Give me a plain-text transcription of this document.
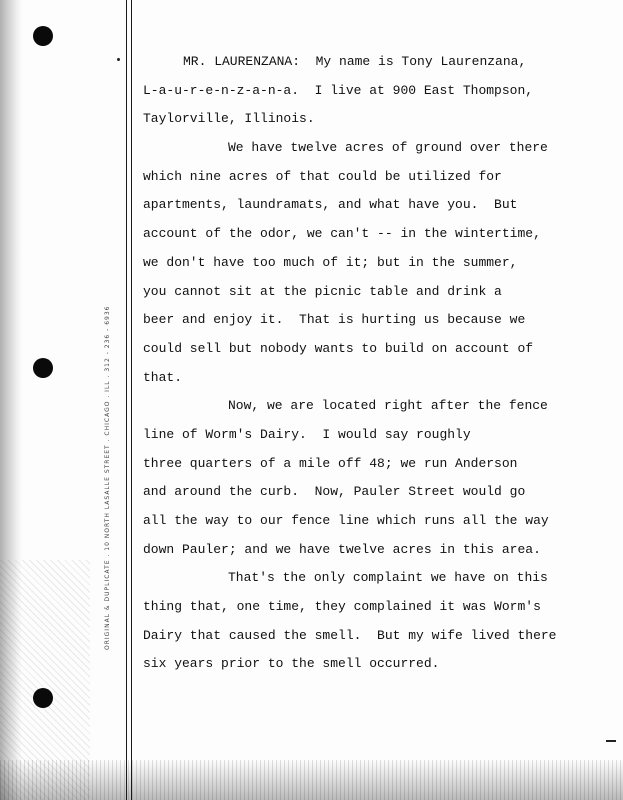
ORIGINAL & DUPLICATE . 10 NORTH LASALLE STREET . CHICAGO . ILL . 312 - 236 - 6936
MR. LAURENZANA:  My name is Tony Laurenzana,
L-a-u-r-e-n-z-a-n-a.  I live at 900 East Thompson,
Taylorville, Illinois.
We have twelve acres of ground over there
which nine acres of that could be utilized for
apartments, laundramats, and what have you.  But
account of the odor, we can't -- in the wintertime,
we don't have too much of it; but in the summer,
you cannot sit at the picnic table and drink a
beer and enjoy it.  That is hurting us because we
could sell but nobody wants to build on account of
that.
Now, we are located right after the fence
line of Worm's Dairy.  I would say roughly
three quarters of a mile off 48; we run Anderson
and around the curb.  Now, Pauler Street would go
all the way to our fence line which runs all the way
down Pauler; and we have twelve acres in this area.
That's the only complaint we have on this
thing that, one time, they complained it was Worm's
Dairy that caused the smell.  But my wife lived there
six years prior to the smell occurred.
